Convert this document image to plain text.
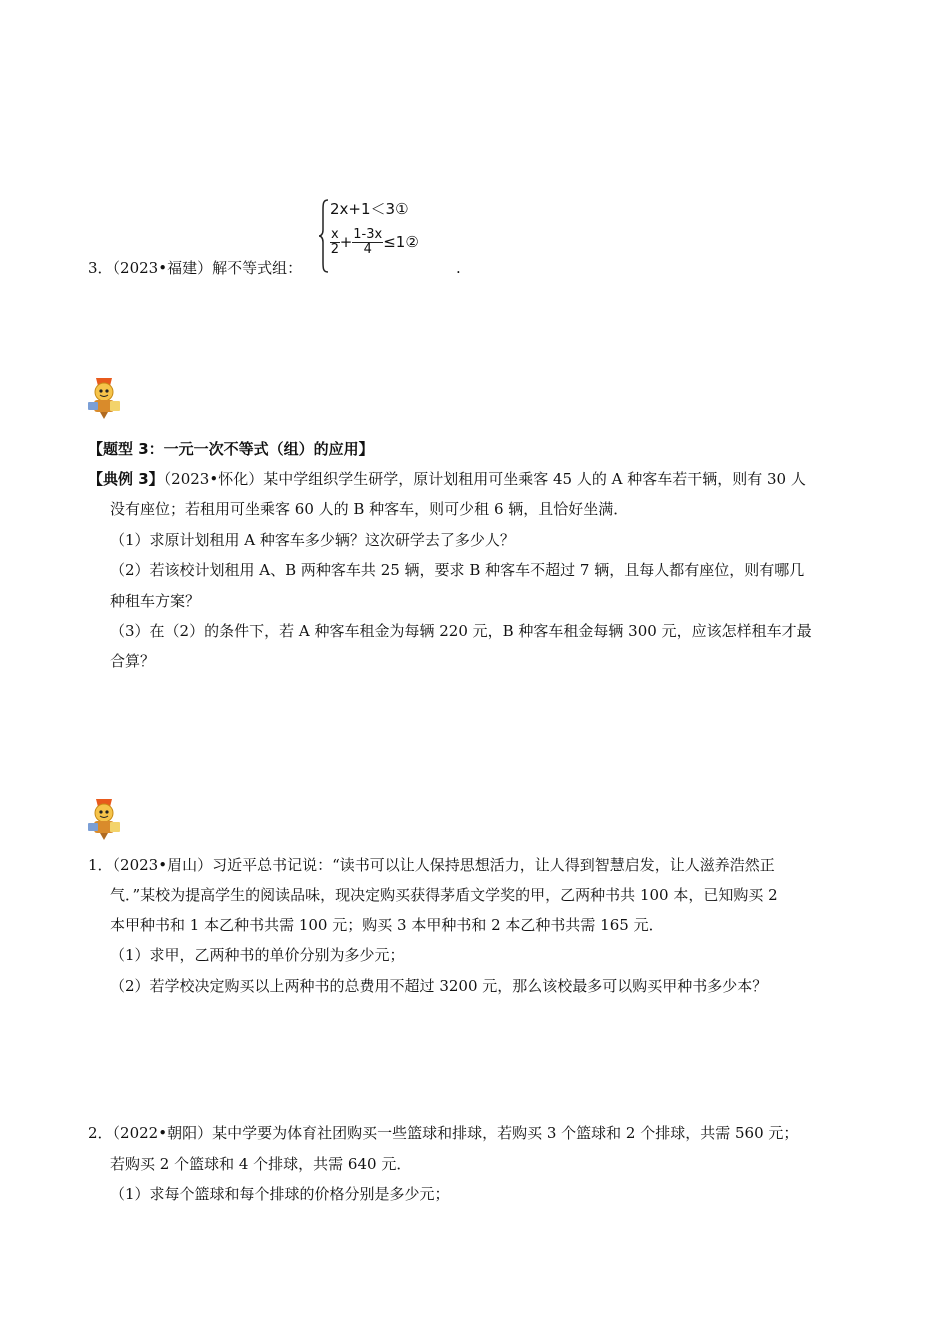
3．（2023•福建）解不等式组：
2x+1＜3①
$\frac{x}{2} + \frac{1-3x}{4}$ ≤1②
.
【题型 3：一元一次不等式（组）的应用】
【典例 3】（2023•怀化）某中学组织学生研学，原计划租用可坐乘客 45 人的 A 种客车若干辆，则有 30 人
没有座位；若租用可坐乘客 60 人的 B 种客车，则可少租 6 辆，且恰好坐满．
（1）求原计划租用 A 种客车多少辆？这次研学去了多少人？
（2）若该校计划租用 A、B 两种客车共 25 辆，要求 B 种客车不超过 7 辆，且每人都有座位，则有哪几
种租车方案？
（3）在（2）的条件下，若 A 种客车租金为每辆 220 元，B 种客车租金每辆 300 元，应该怎样租车才最
合算？
1．（2023•眉山）习近平总书记说：“读书可以让人保持思想活力，让人得到智慧启发，让人滋养浩然正
气．”某校为提高学生的阅读品味，现决定购买获得茅盾文学奖的甲，乙两种书共 100 本，已知购买 2
本甲种书和 1 本乙种书共需 100 元；购买 3 本甲种书和 2 本乙种书共需 165 元．
（1）求甲，乙两种书的单价分别为多少元；
（2）若学校决定购买以上两种书的总费用不超过 3200 元，那么该校最多可以购买甲种书多少本？
2．（2022•朝阳）某中学要为体育社团购买一些篮球和排球，若购买 3 个篮球和 2 个排球，共需 560 元；
若购买 2 个篮球和 4 个排球，共需 640 元．
（1）求每个篮球和每个排球的价格分别是多少元；
